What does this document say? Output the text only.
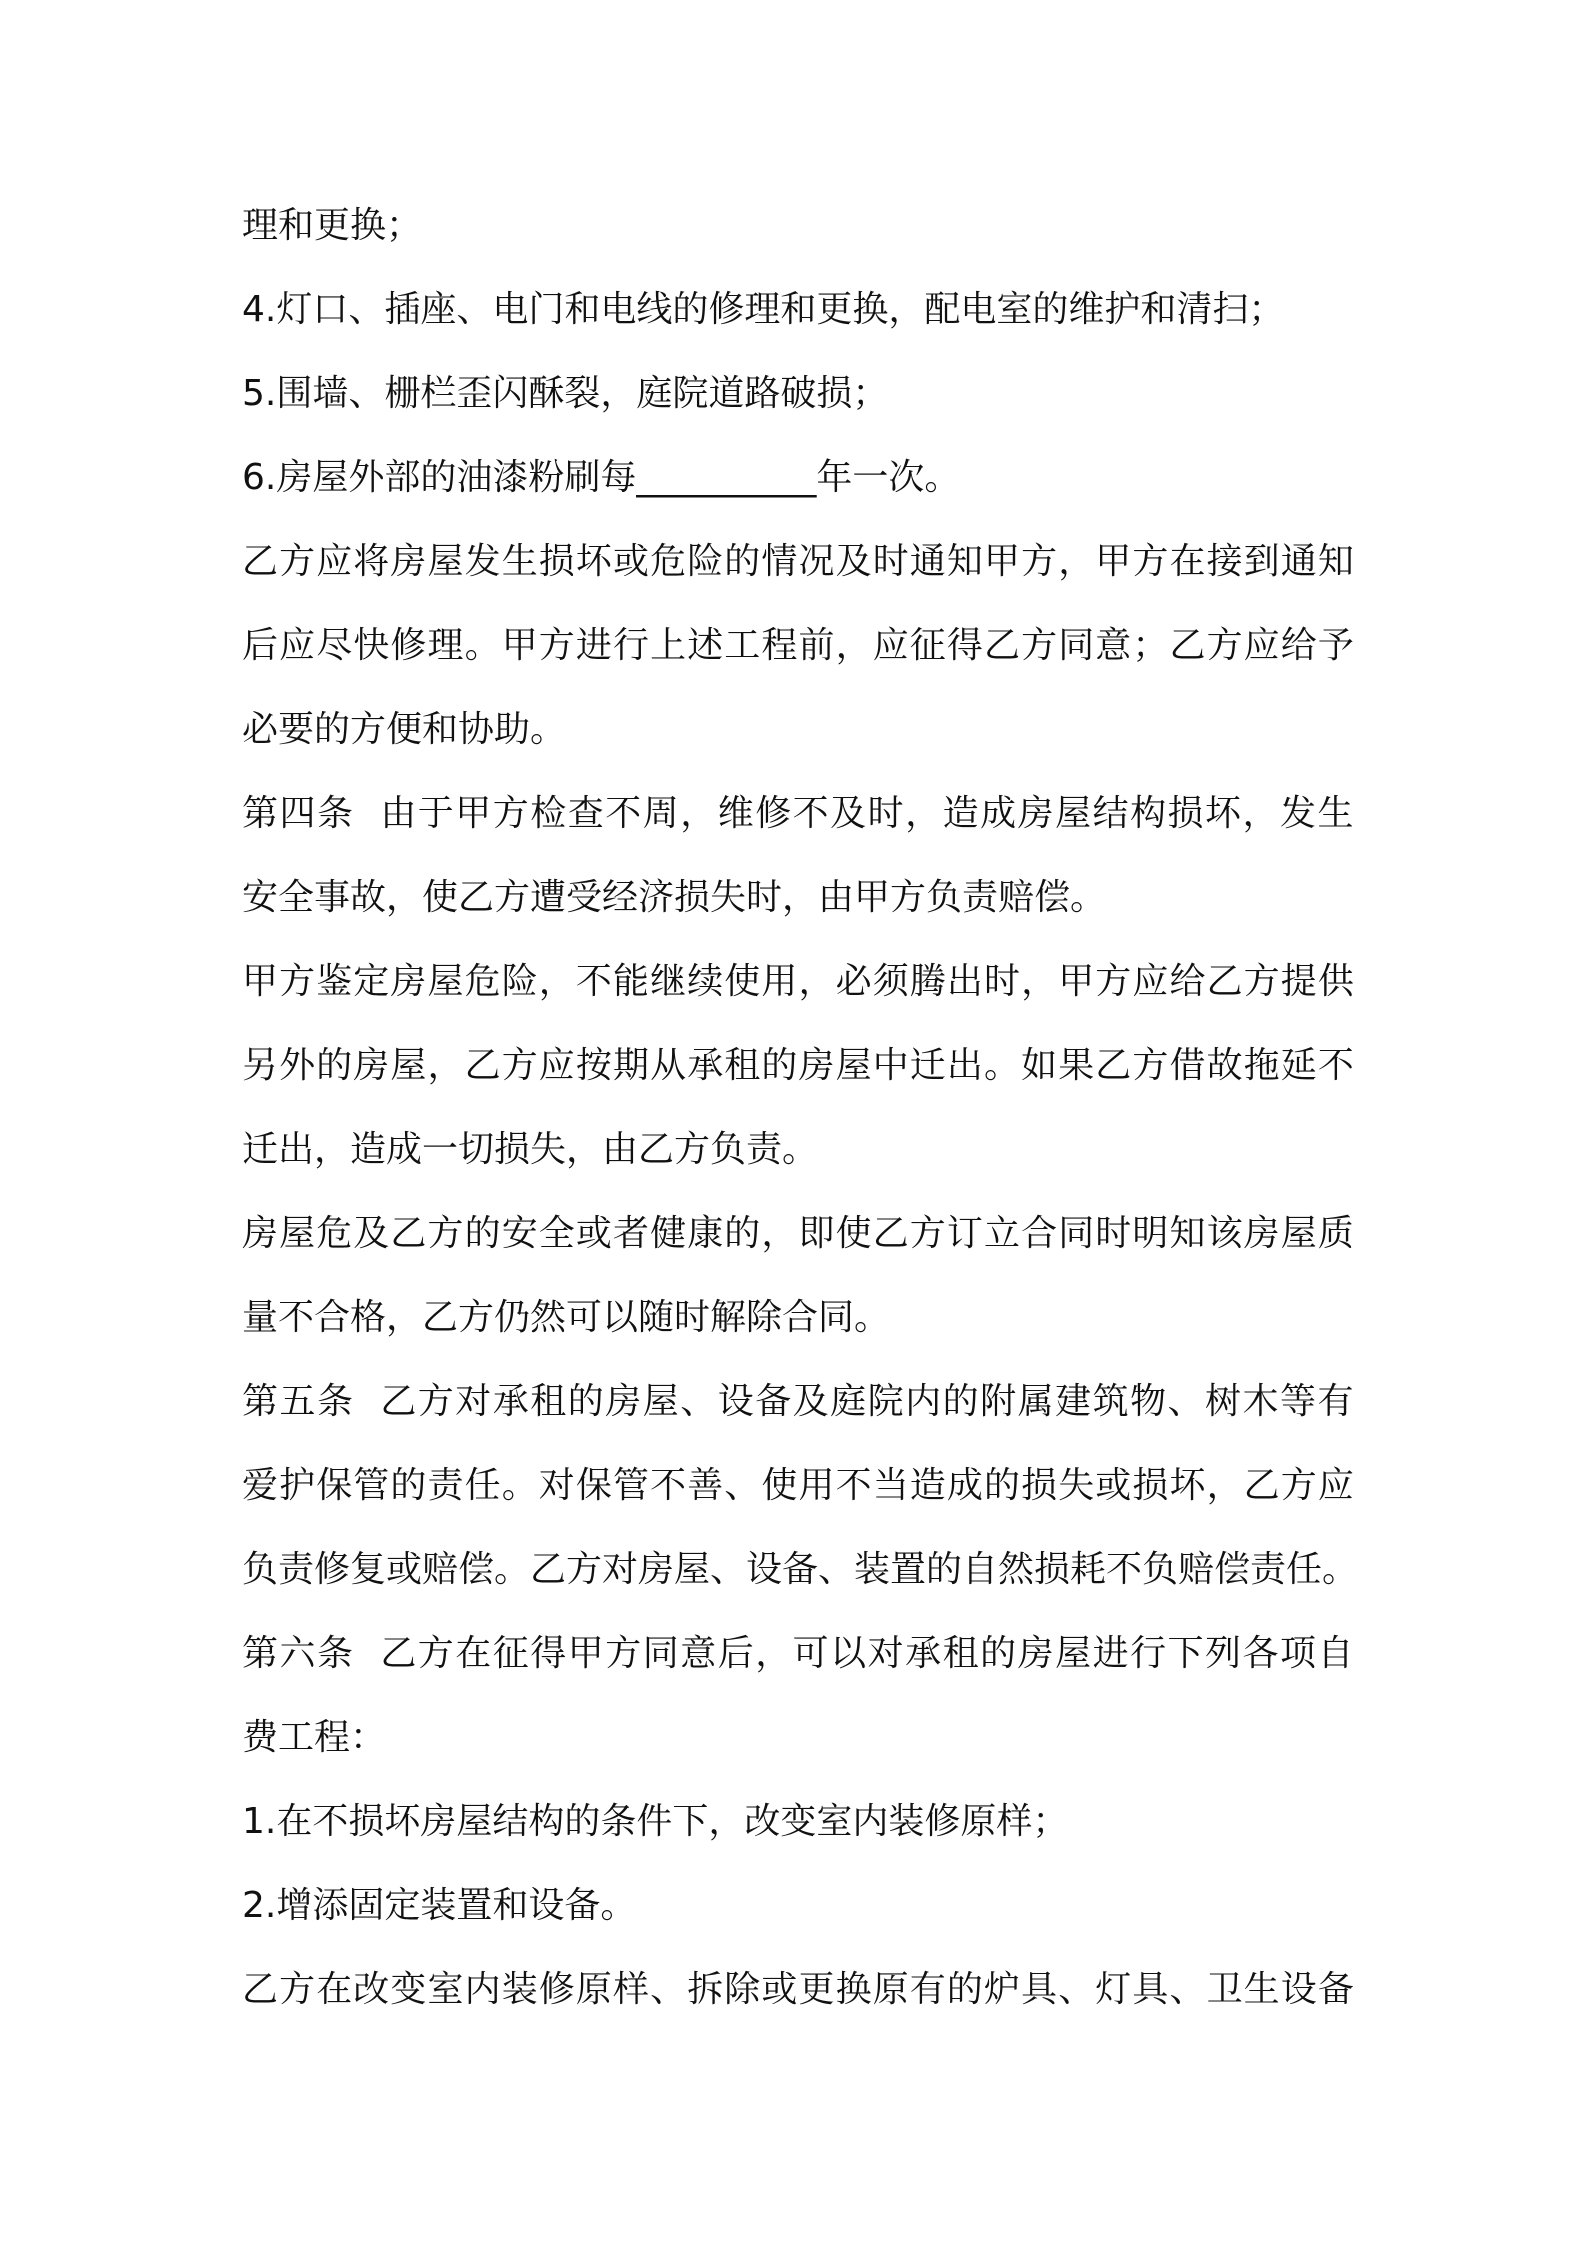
理和更换；
4.灯口、插座、电门和电线的修理和更换，配电室的维护和清扫；
5.围墙、栅栏歪闪酥裂，庭院道路破损；
6.房屋外部的油漆粉刷每__________年一次。
乙方应将房屋发生损坏或危险的情况及时通知甲方，甲方在接到通知
后应尽快修理。甲方进行上述工程前，应征得乙方同意；乙方应给予
必要的方便和协助。
第四条  由于甲方检查不周，维修不及时，造成房屋结构损坏，发生
安全事故，使乙方遭受经济损失时，由甲方负责赔偿。
甲方鉴定房屋危险，不能继续使用，必须腾出时，甲方应给乙方提供
另外的房屋，乙方应按期从承租的房屋中迁出。如果乙方借故拖延不
迁出，造成一切损失，由乙方负责。
房屋危及乙方的安全或者健康的，即使乙方订立合同时明知该房屋质
量不合格，乙方仍然可以随时解除合同。
第五条  乙方对承租的房屋、设备及庭院内的附属建筑物、树木等有
爱护保管的责任。对保管不善、使用不当造成的损失或损坏，乙方应
负责修复或赔偿。乙方对房屋、设备、装置的自然损耗不负赔偿责任。
第六条  乙方在征得甲方同意后，可以对承租的房屋进行下列各项自
费工程：
1.在不损坏房屋结构的条件下，改变室内装修原样；
2.增添固定装置和设备。
乙方在改变室内装修原样、拆除或更换原有的炉具、灯具、卫生设备
